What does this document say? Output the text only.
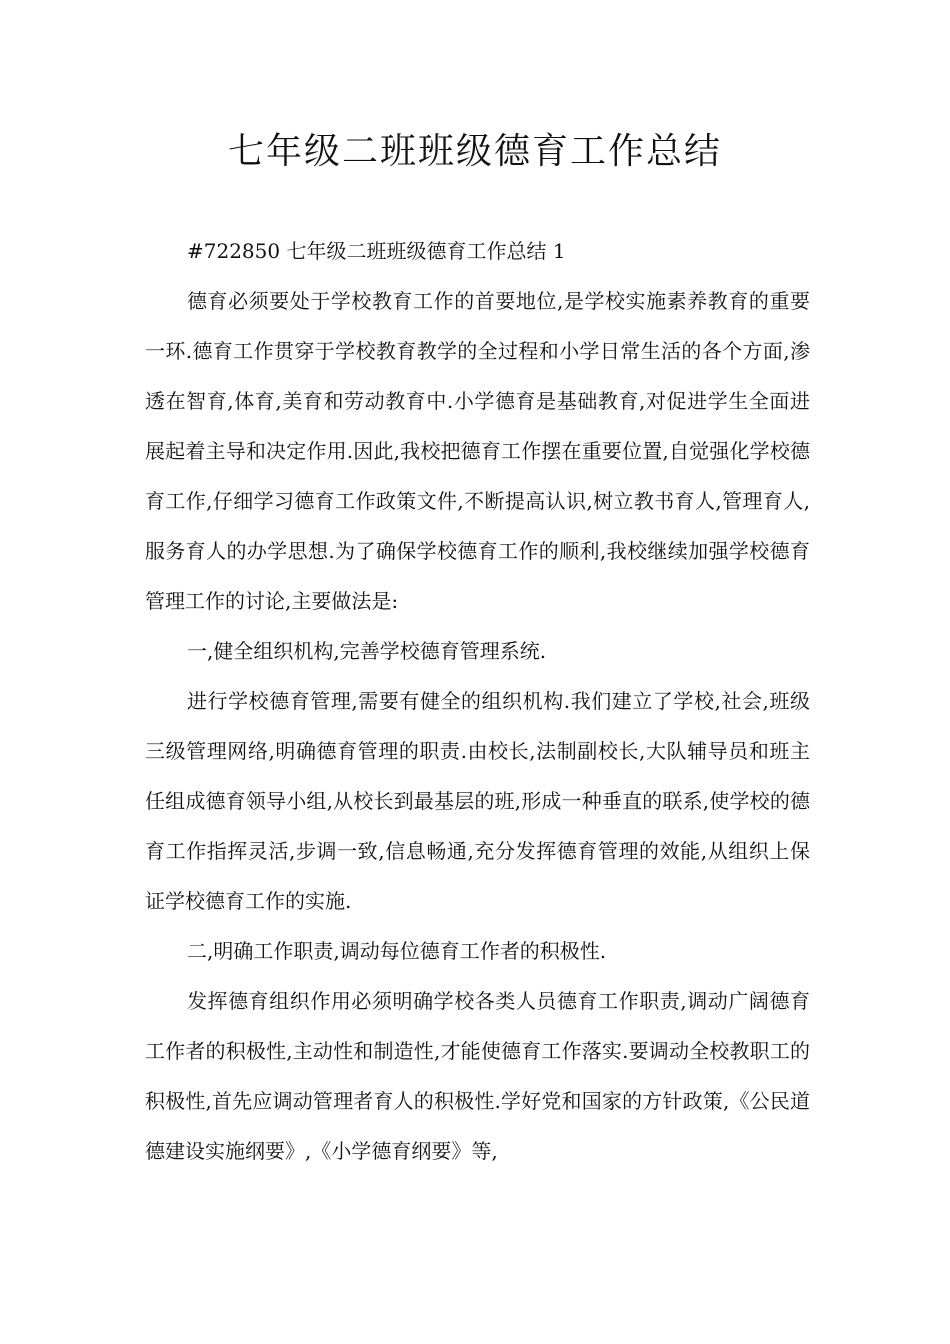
七年级二班班级德育工作总结

#722850 七年级二班班级德育工作总结 1

德育必须要处于学校教育工作的首要地位,是学校实施素养教育的重要一环.德育工作贯穿于学校教育教学的全过程和小学日常生活的各个方面,渗透在智育,体育,美育和劳动教育中.小学德育是基础教育,对促进学生全面进展起着主导和决定作用.因此,我校把德育工作摆在重要位置,自觉强化学校德育工作,仔细学习德育工作政策文件,不断提高认识,树立教书育人,管理育人,服务育人的办学思想.为了确保学校德育工作的顺利,我校继续加强学校德育管理工作的讨论,主要做法是:

一,健全组织机构,完善学校德育管理系统.

进行学校德育管理,需要有健全的组织机构.我们建立了学校,社会,班级三级管理网络,明确德育管理的职责.由校长,法制副校长,大队辅导员和班主任组成德育领导小组,从校长到最基层的班,形成一种垂直的联系,使学校的德育工作指挥灵活,步调一致,信息畅通,充分发挥德育管理的效能,从组织上保证学校德育工作的实施.

二,明确工作职责,调动每位德育工作者的积极性.

发挥德育组织作用必须明确学校各类人员德育工作职责,调动广阔德育工作者的积极性,主动性和制造性,才能使德育工作落实.要调动全校教职工的积极性,首先应调动管理者育人的积极性.学好党和国家的方针政策,《公民道德建设实施纲要》,《小学德育纲要》等,
